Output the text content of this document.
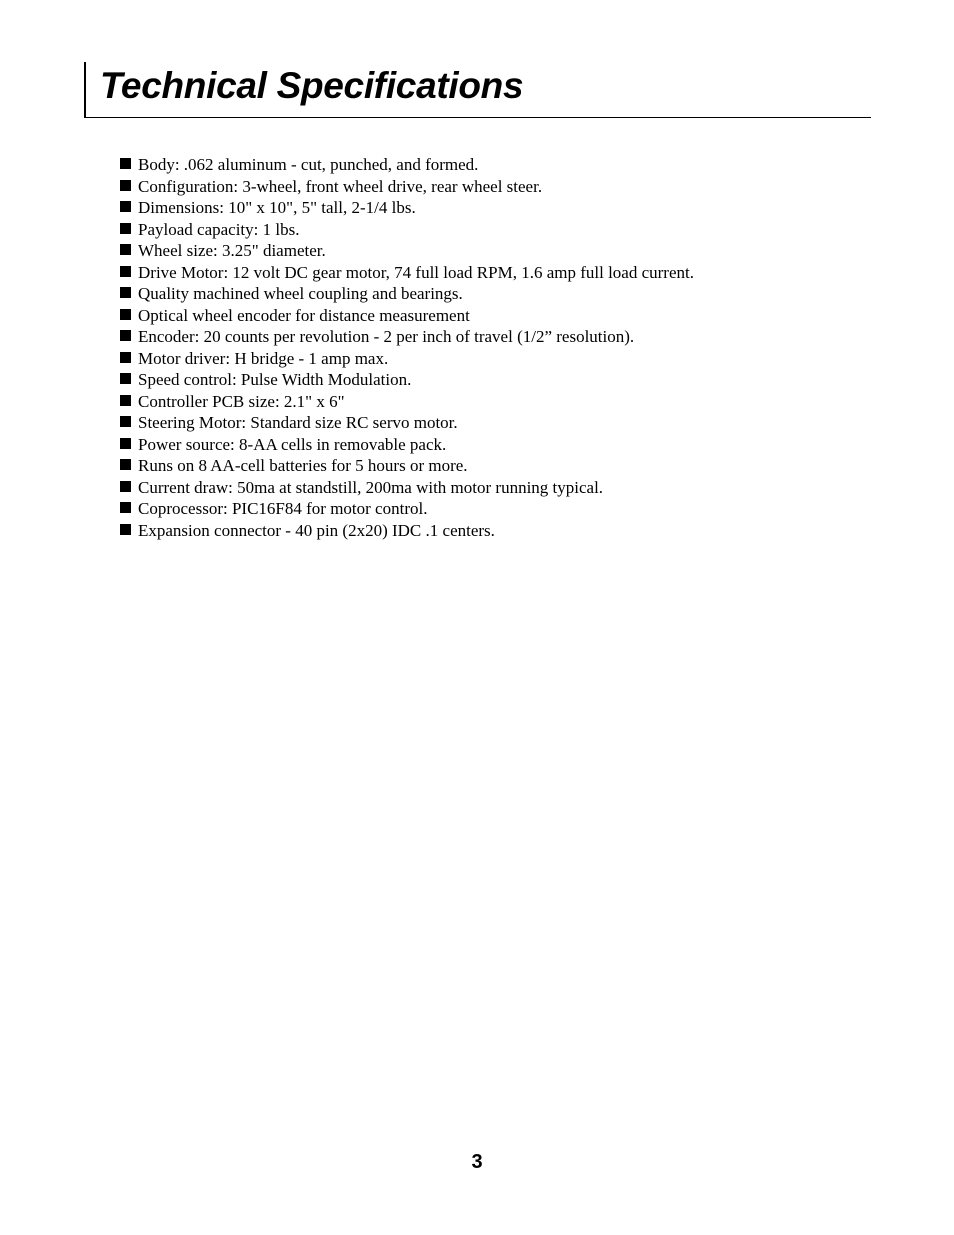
Technical Specifications
Body: .062 aluminum - cut, punched, and formed.
Configuration: 3-wheel, front wheel drive, rear wheel steer.
Dimensions: 10" x 10", 5" tall, 2-1/4 lbs.
Payload capacity: 1 lbs.
Wheel size: 3.25" diameter.
Drive Motor: 12 volt DC gear motor, 74 full load RPM, 1.6 amp full load current.
Quality machined wheel coupling and bearings.
Optical wheel encoder for distance measurement
Encoder: 20 counts per revolution - 2 per inch of travel (1/2” resolution).
Motor driver: H bridge - 1 amp max.
Speed control: Pulse Width Modulation.
Controller PCB size: 2.1" x 6"
Steering Motor: Standard size RC servo motor.
Power source: 8-AA cells in removable pack.
Runs on 8 AA-cell batteries for 5 hours or more.
Current draw: 50ma at standstill, 200ma with motor running typical.
Coprocessor: PIC16F84 for motor control.
Expansion connector - 40 pin (2x20) IDC .1 centers.
3
